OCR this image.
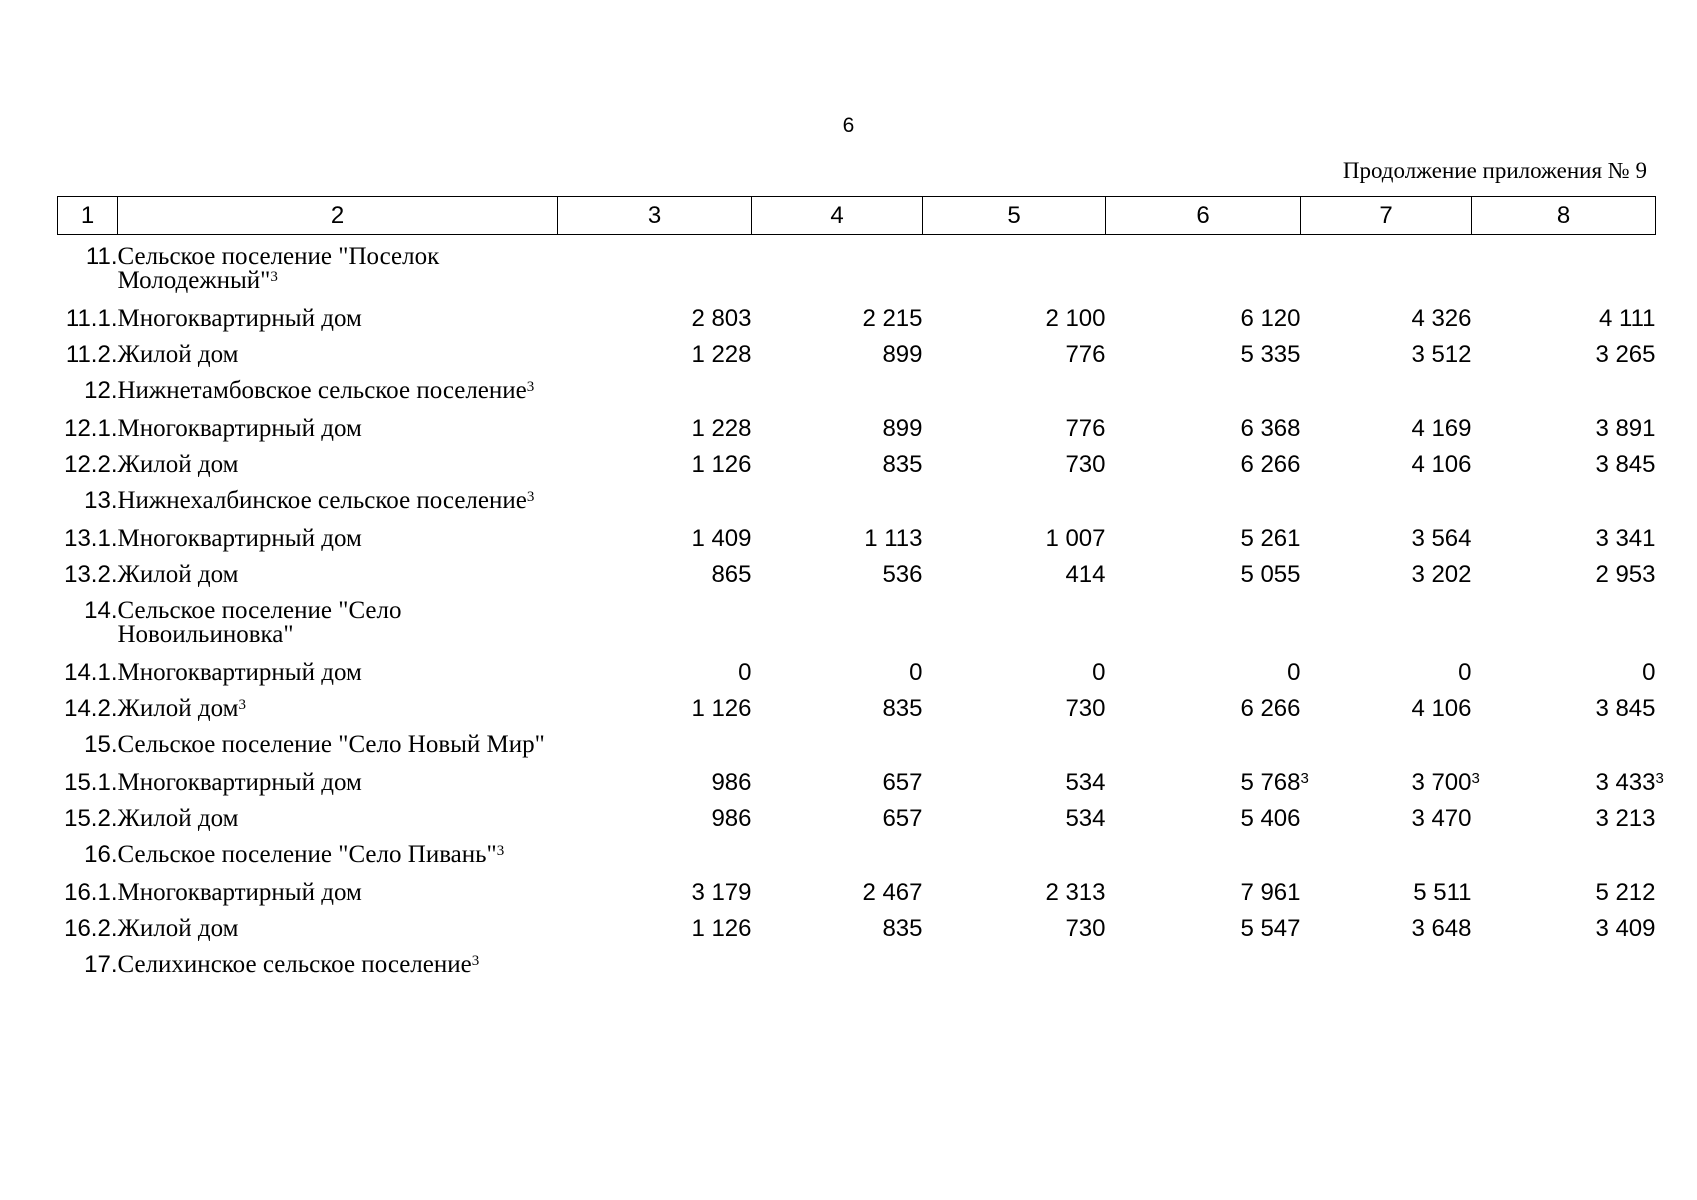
6
Продолжение приложения № 9
1	2	3	4	5	6	7	8
11.	Сельское поселение "Поселок Молодежный"$^3$						
11.1.	Многоквартирный дом	2 803	2 215	2 100	6 120	4 326	4 111

11.2.	Жилой дом	1 228	899	776	5 335	3 512	3 265

12.	Нижнетамбовское сельское поселение$^3$						
12.1.	Многоквартирный дом	1 228	899	776	6 368	4 169	3 891

12.2.	Жилой дом	1 126	835	730	6 266	4 106	3 845

13.	Нижнехалбинское сельское поселение$^3$						
13.1.	Многоквартирный дом	1 409	1 113	1 007	5 261	3 564	3 341

13.2.	Жилой дом	865	536	414	5 055	3 202	2 953

14.	Сельское поселение "Село Новоильиновка"						
14.1.	Многоквартирный дом	0	0	0	0	0	0

14.2.	Жилой дом$^3$	1 126	835	730	6 266	4 106	3 845

15.	Сельское поселение "Село Новый Мир"						
15.1.	Многоквартирный дом	986	657	534	5 768 3	3 700 3	3 433 3

15.2.	Жилой дом	986	657	534	5 406	3 470	3 213

16.	Сельское поселение "Село Пивань"$^3$						
16.1.	Многоквартирный дом	3 179	2 467	2 313	7 961	5 511	5 212

16.2.	Жилой дом	1 126	835	730	5 547	3 648	3 409

17.	Селихинское сельское поселение$^3$						
